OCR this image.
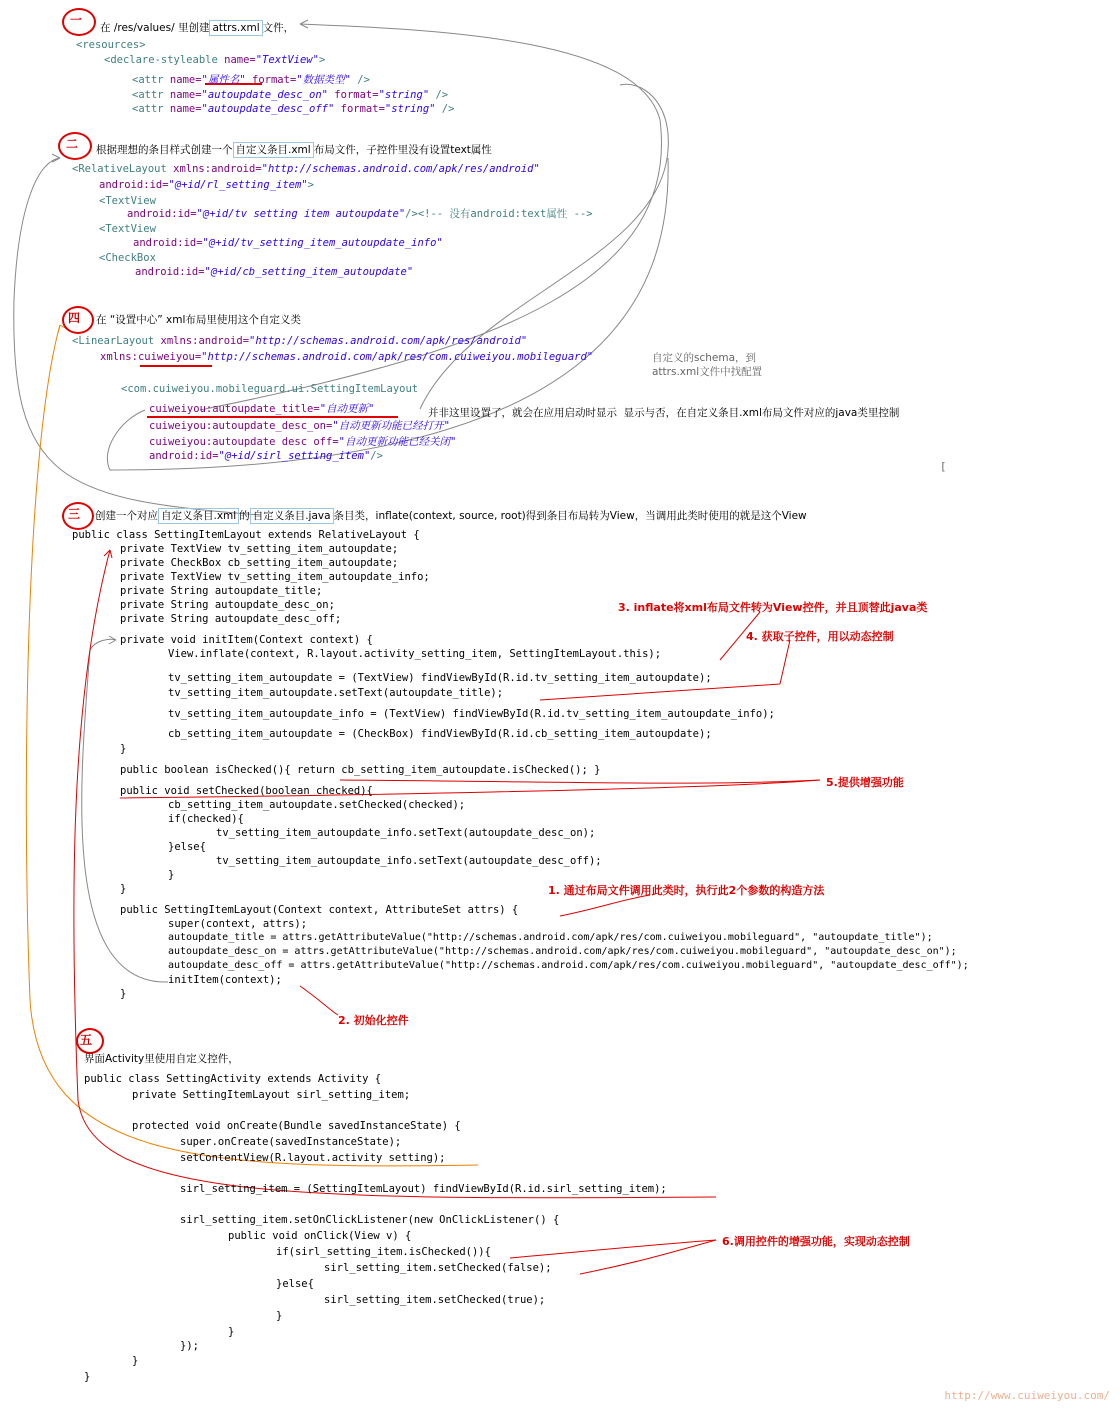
一
在 /res/values/ 里创建 attrs.xml 文件，
<resources>
<declare-styleable name="TextView">
<attr name="属性名" format="数据类型" />
<attr name="autoupdate_desc_on" format="string" />
<attr name="autoupdate_desc_off" format="string" />
二 根据理想的条目样式创建一个 自定义条目.xml 布局文件，子控件里没有设置text属性
<RelativeLayout xmlns:android="http://schemas.android.com/apk/res/android"
android:id="@+id/rl_setting_item">
<TextView
android:id="@+id/tv setting item autoupdate"/><!-- 没有android:text属性 -->
<TextView
android:id="@+id/tv_setting_item_autoupdate_info"
<CheckBox
android:id="@+id/cb_setting_item_autoupdate"
四 在 “设置中心” xml布局里使用这个自定义类
<LinearLayout xmlns:android="http://schemas.android.com/apk/res/android"
xmlns:cuiweiyou="http://schemas.android.com/apk/res/com.cuiweiyou.mobileguard"	自定义的schema，到
attrs.xml文件中找配置
<com.cuiweiyou.mobileguard.ui.SettingItemLayout
cuiweiyou:autoupdate_title="自动更新"	并非这里设置了，就会在应用启动时显示  显示与否，在自定义条目.xml布局文件对应的java类里控制
cuiweiyou:autoupdate_desc_on="自动更新功能已经打开"
cuiweiyou:autoupdate desc off="自动更新功能已经关闭"
android:id="@+id/sirl_setting_item"/>
[
三 创建一个对应 自定义条目.xml 的 自定义条目.java 条目类，inflate(context, source, root)得到条目布局转为View，当调用此类时使用的就是这个View
public class SettingItemLayout extends RelativeLayout {
private TextView tv_setting_item_autoupdate;
private CheckBox cb_setting_item_autoupdate;
private TextView tv_setting_item_autoupdate_info;
private String autoupdate_title;
private String autoupdate_desc_on;
private String autoupdate_desc_off;
private void initItem(Context context) {
View.inflate(context, R.layout.activity_setting_item, SettingItemLayout.this);
tv_setting_item_autoupdate = (TextView) findViewById(R.id.tv_setting_item_autoupdate);
tv_setting_item_autoupdate.setText(autoupdate_title);
tv_setting_item_autoupdate_info = (TextView) findViewById(R.id.tv_setting_item_autoupdate_info);
cb_setting_item_autoupdate = (CheckBox) findViewById(R.id.cb_setting_item_autoupdate);
}
public boolean isChecked(){ return cb_setting_item_autoupdate.isChecked(); }
public void setChecked(boolean checked){
cb_setting_item_autoupdate.setChecked(checked);
if(checked){
tv_setting_item_autoupdate_info.setText(autoupdate_desc_on);
}else{
tv_setting_item_autoupdate_info.setText(autoupdate_desc_off);
}
}
public SettingItemLayout(Context context, AttributeSet attrs) {
super(context, attrs);
autoupdate_title = attrs.getAttributeValue("http://schemas.android.com/apk/res/com.cuiweiyou.mobileguard", "autoupdate_title");
autoupdate_desc_on = attrs.getAttributeValue("http://schemas.android.com/apk/res/com.cuiweiyou.mobileguard", "autoupdate_desc_on");
autoupdate_desc_off = attrs.getAttributeValue("http://schemas.android.com/apk/res/com.cuiweiyou.mobileguard", "autoupdate_desc_off");
initItem(context);
}
五
界面Activity里使用自定义控件，
public class SettingActivity extends Activity {
private SettingItemLayout sirl_setting_item;
protected void onCreate(Bundle savedInstanceState) {
super.onCreate(savedInstanceState);
setContentView(R.layout.activity setting);
sirl_setting_item = (SettingItemLayout) findViewById(R.id.sirl_setting_item);
sirl_setting_item.setOnClickListener(new OnClickListener() {
public void onClick(View v) {
if(sirl_setting_item.isChecked()){
sirl_setting_item.setChecked(false);
}else{
sirl_setting_item.setChecked(true);
}
}
});
}
}
3. inflate将xml布局文件转为View控件，并且顶替此java类
4. 获取子控件，用以动态控制
5.提供增强功能
1. 通过布局文件调用此类时，执行此2个参数的构造方法
2. 初始化控件
6.调用控件的增强功能，实现动态控制
http://www.cuiweiyou.com/
